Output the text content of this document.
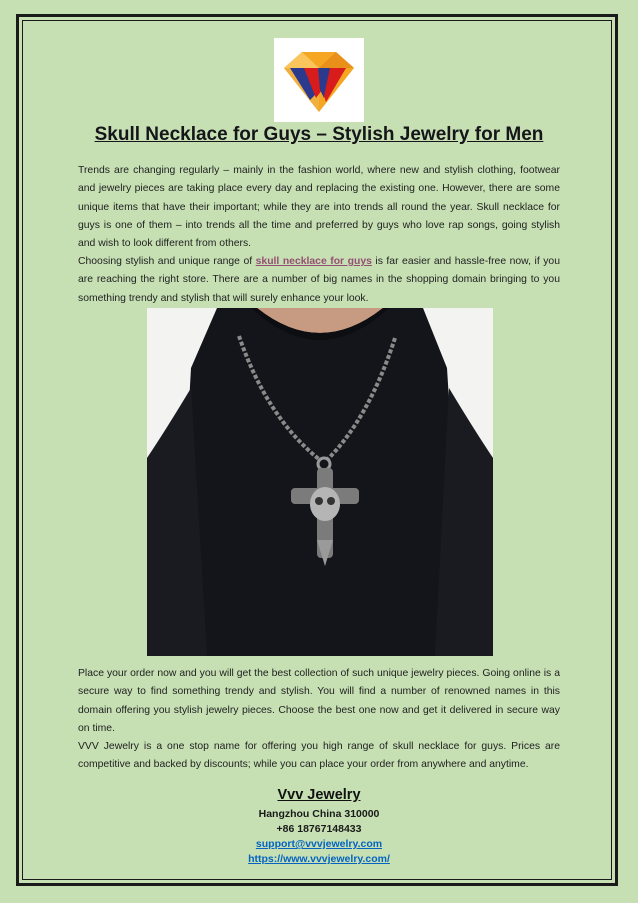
Skull Necklace for Guys – Stylish Jewelry for Men

Trends are changing regularly – mainly in the fashion world, where new and stylish clothing, footwear and jewelry pieces are taking place every day and replacing the existing one. However, there are some unique items that have their important; while they are into trends all round the year. Skull necklace for guys is one of them – into trends all the time and preferred by guys who love rap songs, going stylish and wish to look different from others.

Choosing stylish and unique range of skull necklace for guys is far easier and hassle-free now, if you are reaching the right store. There are a number of big names in the shopping domain bringing to you something trendy and stylish that will surely enhance your look.

Place your order now and you will get the best collection of such unique jewelry pieces. Going online is a secure way to find something trendy and stylish. You will find a number of renowned names in this domain offering you stylish jewelry pieces. Choose the best one now and get it delivered in secure way on time.

VVV Jewelry is a one stop name for offering you high range of skull necklace for guys. Prices are competitive and backed by discounts; while you can place your order from anywhere and anytime.

Vvv Jewelry

Hangzhou China 310000

+86 18767148433

support@vvvjewelry.com

https://www.vvvjewelry.com/
